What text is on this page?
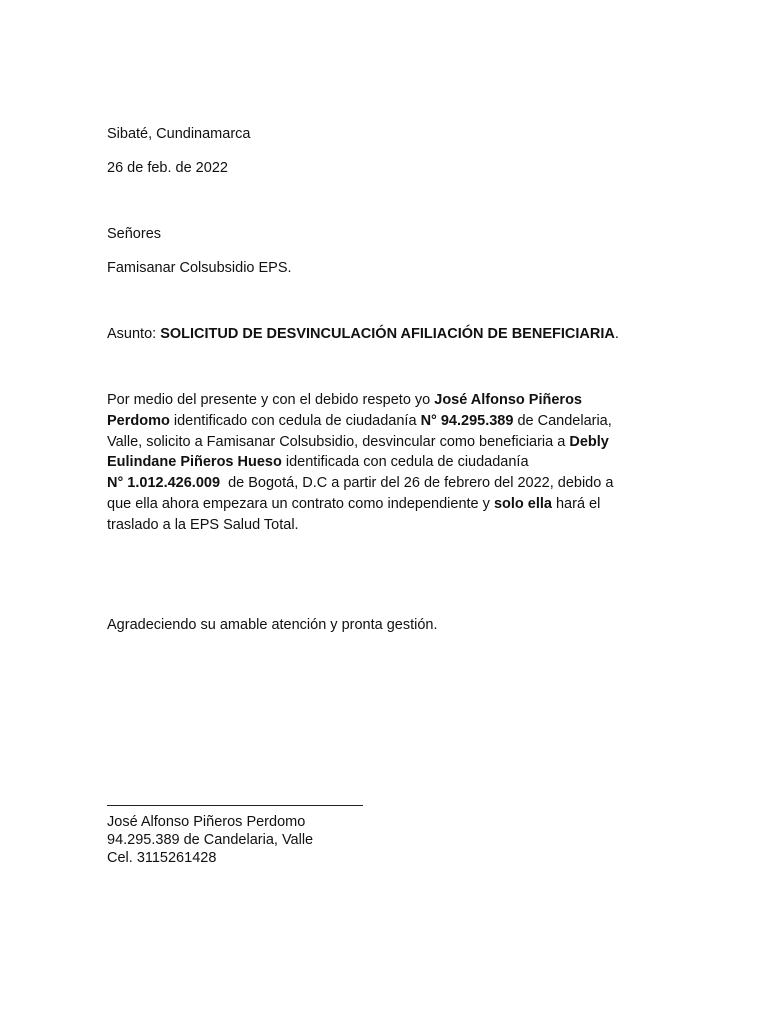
Sibaté, Cundinamarca
26 de feb. de 2022
Señores
Famisanar Colsubsidio EPS.
Asunto: SOLICITUD DE DESVINCULACIÓN AFILIACIÓN DE BENEFICIARIA.
Por medio del presente y con el debido respeto yo José Alfonso Piñeros
Perdomo identificado con cedula de ciudadanía N° 94.295.389 de Candelaria,
Valle, solicito a Famisanar Colsubsidio, desvincular como beneficiaria a Debly
Eulindane Piñeros Hueso identificada con cedula de ciudadanía
N° 1.012.426.009  de Bogotá, D.C a partir del 26 de febrero del 2022, debido a
que ella ahora empezara un contrato como independiente y solo ella hará el
traslado a la EPS Salud Total.
Agradeciendo su amable atención y pronta gestión.
José Alfonso Piñeros Perdomo
94.295.389 de Candelaria, Valle
Cel. 3115261428
